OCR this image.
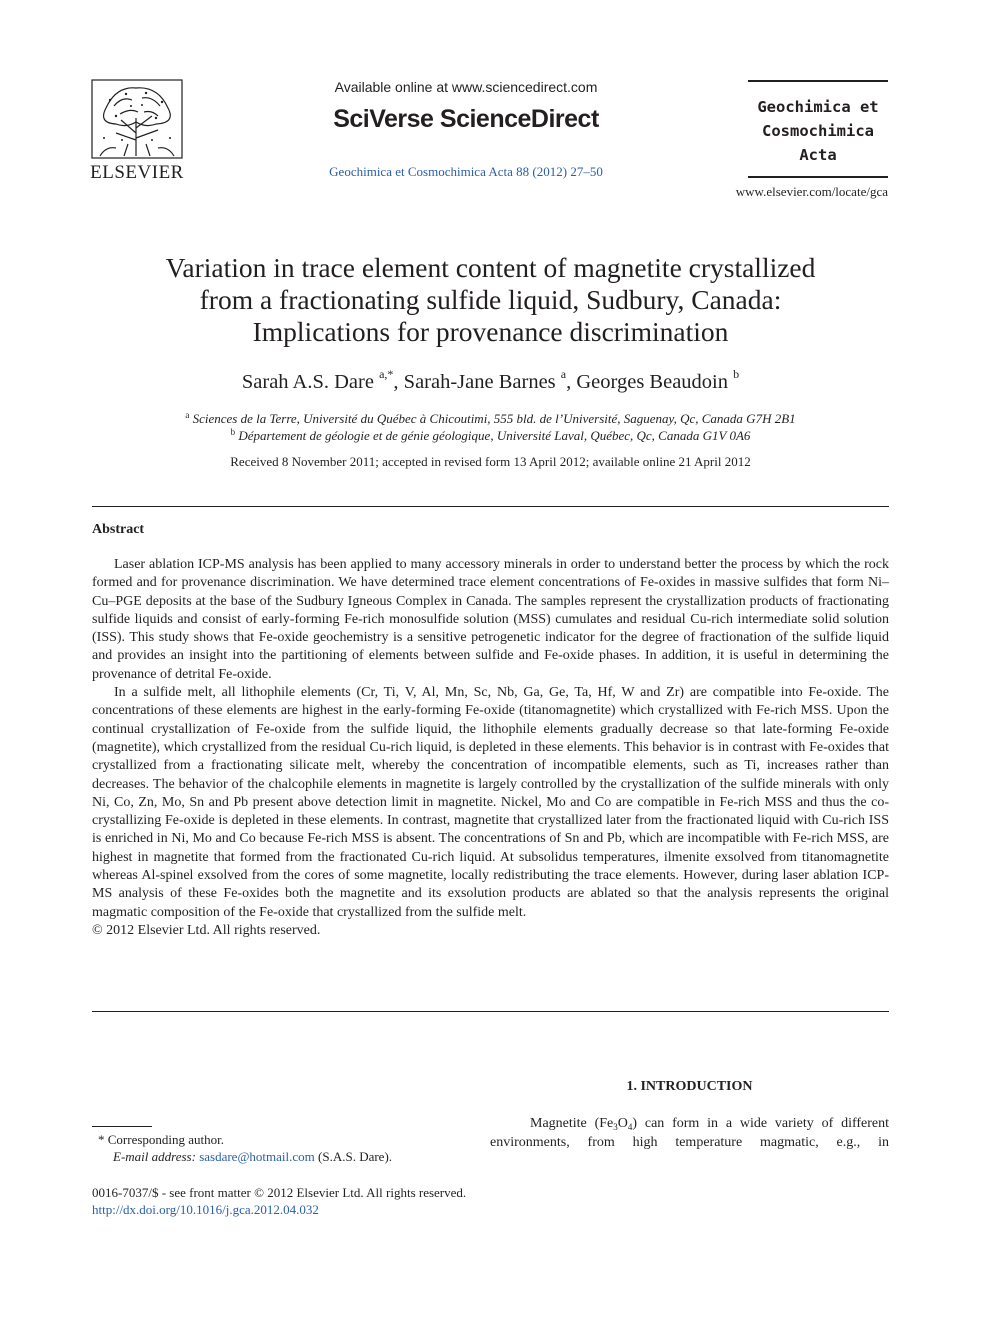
ELSEVIER
Available online at www.sciencedirect.com
SciVerse ScienceDirect
Geochimica et Cosmochimica Acta 88 (2012) 27–50
Geochimica et
Cosmochimica
Acta
www.elsevier.com/locate/gca
Variation in trace element content of magnetite crystallized
from a fractionating sulfide liquid, Sudbury, Canada:
Implications for provenance discrimination
Sarah A.S. Dare $^{a,*}$, Sarah-Jane Barnes $^a$, Georges Beaudoin $^b$
$^a$ Sciences de la Terre, Université du Québec à Chicoutimi, 555 bld. de l’Université, Saguenay, Qc, Canada G7H 2B1
$^b$ Département de géologie et de génie géologique, Université Laval, Québec, Qc, Canada G1V 0A6
Received 8 November 2011; accepted in revised form 13 April 2012; available online 21 April 2012
Abstract

Laser ablation ICP-MS analysis has been applied to many accessory minerals in order to understand better the process by which the rock formed and for provenance discrimination. We have determined trace element concentrations of Fe-oxides in massive sulfides that form Ni–Cu–PGE deposits at the base of the Sudbury Igneous Complex in Canada. The samples represent the crystallization products of fractionating sulfide liquids and consist of early-forming Fe-rich monosulfide solution (MSS) cumulates and residual Cu-rich intermediate solid solution (ISS). This study shows that Fe-oxide geochemistry is a sensitive petrogenetic indicator for the degree of fractionation of the sulfide liquid and provides an insight into the partitioning of elements between sulfide and Fe-oxide phases. In addition, it is useful in determining the provenance of detrital Fe-oxide.

In a sulfide melt, all lithophile elements (Cr, Ti, V, Al, Mn, Sc, Nb, Ga, Ge, Ta, Hf, W and Zr) are compatible into Fe-oxide. The concentrations of these elements are highest in the early-forming Fe-oxide (titanomagnetite) which crystallized with Fe-rich MSS. Upon the continual crystallization of Fe-oxide from the sulfide liquid, the lithophile elements gradually decrease so that late-forming Fe-oxide (magnetite), which crystallized from the residual Cu-rich liquid, is depleted in these elements. This behavior is in contrast with Fe-oxides that crystallized from a fractionating silicate melt, whereby the concentration of incompatible elements, such as Ti, increases rather than decreases. The behavior of the chalcophile elements in magnetite is largely controlled by the crystallization of the sulfide minerals with only Ni, Co, Zn, Mo, Sn and Pb present above detection limit in magnetite. Nickel, Mo and Co are compatible in Fe-rich MSS and thus the co-crystallizing Fe-oxide is depleted in these elements. In contrast, magnetite that crystallized later from the fractionated liquid with Cu-rich ISS is enriched in Ni, Mo and Co because Fe-rich MSS is absent. The concentrations of Sn and Pb, which are incompatible with Fe-rich MSS, are highest in magnetite that formed from the fractionated Cu-rich liquid. At subsolidus temperatures, ilmenite exsolved from titanomagnetite whereas Al-spinel exsolved from the cores of some magnetite, locally redistributing the trace elements. However, during laser ablation ICP-MS analysis of these Fe-oxides both the magnetite and its exsolution products are ablated so that the analysis represents the original magmatic composition of the Fe-oxide that crystallized from the sulfide melt.

© 2012 Elsevier Ltd. All rights reserved.

1. INTRODUCTION
Magnetite $(Fe_3O_4)$ can form in a wide variety of different
environments, from high temperature magmatic, e.g., in
* Corresponding author.
E-mail address: sasdare@hotmail.com (S.A.S. Dare).
0016-7037/$ - see front matter © 2012 Elsevier Ltd. All rights reserved.
http://dx.doi.org/10.1016/j.gca.2012.04.032
